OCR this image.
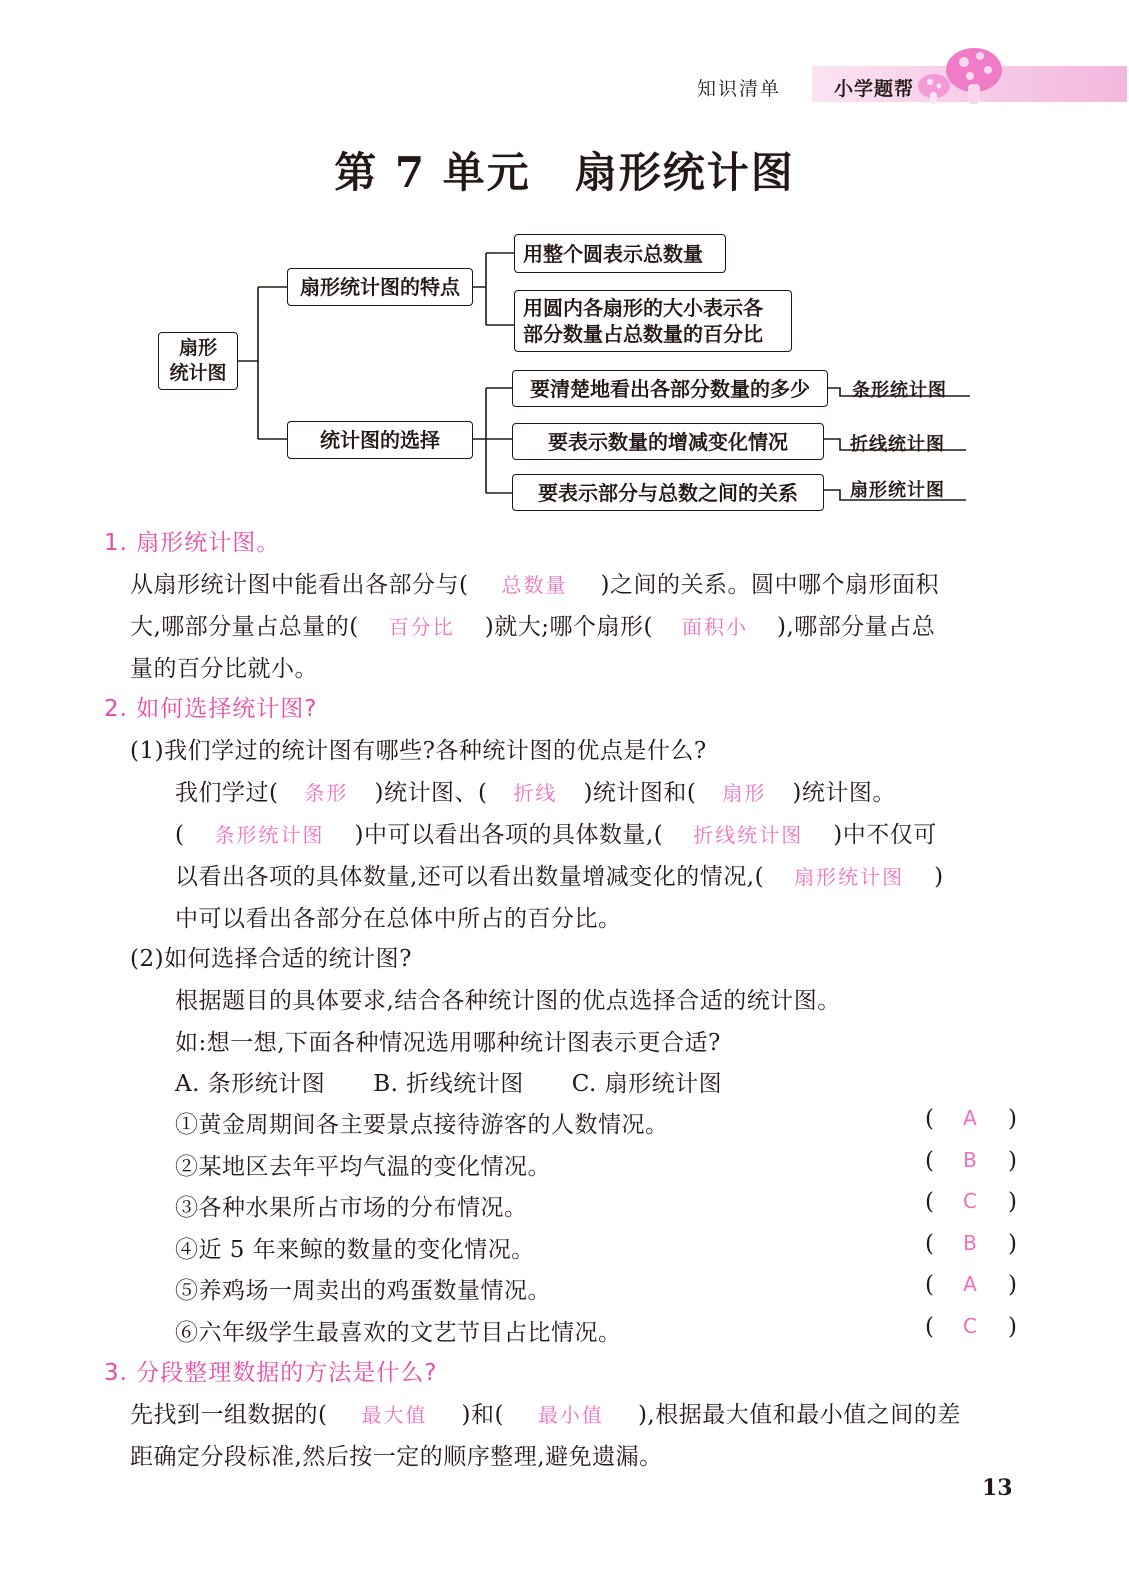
知识清单	小学题帮
第 7 单元　扇形统计图
扇形
统计图
扇形统计图的特点
用整个圆表示总数量
用圆内各扇形的大小表示各
部分数量占总数量的百分比
统计图的选择
要清楚地看出各部分数量的多少	条形统计图
要表示数量的增减变化情况	折线统计图
要表示部分与总数之间的关系	扇形统计图
1. 扇形统计图。
从扇形统计图中能看出各部分与( 总数量 )之间的关系。圆中哪个扇形面积
大,哪部分量占总量的( 百分比 )就大;哪个扇形( 面积小 ),哪部分量占总
量的百分比就小。
2. 如何选择统计图?
(1)我们学过的统计图有哪些?各种统计图的优点是什么?
我们学过( 条形 )统计图、( 折线 )统计图和( 扇形 )统计图。
( 条形统计图 )中可以看出各项的具体数量,( 折线统计图 )中不仅可
以看出各项的具体数量,还可以看出数量增减变化的情况,( 扇形统计图 )
中可以看出各部分在总体中所占的百分比。
(2)如何选择合适的统计图?
根据题目的具体要求,结合各种统计图的优点选择合适的统计图。
如:想一想,下面各种情况选用哪种统计图表示更合适?
A. 条形统计图 B. 折线统计图 C. 扇形统计图
①黄金周期间各主要景点接待游客的人数情况。	( A )
②某地区去年平均气温的变化情况。	( B )
③各种水果所占市场的分布情况。	( C )
④近 5 年来鲸的数量的变化情况。	( B )
⑤养鸡场一周卖出的鸡蛋数量情况。	( A )
⑥六年级学生最喜欢的文艺节目占比情况。	( C )
3. 分段整理数据的方法是什么?
先找到一组数据的( 最大值 )和( 最小值 ),根据最大值和最小值之间的差
距确定分段标准,然后按一定的顺序整理,避免遗漏。
13
